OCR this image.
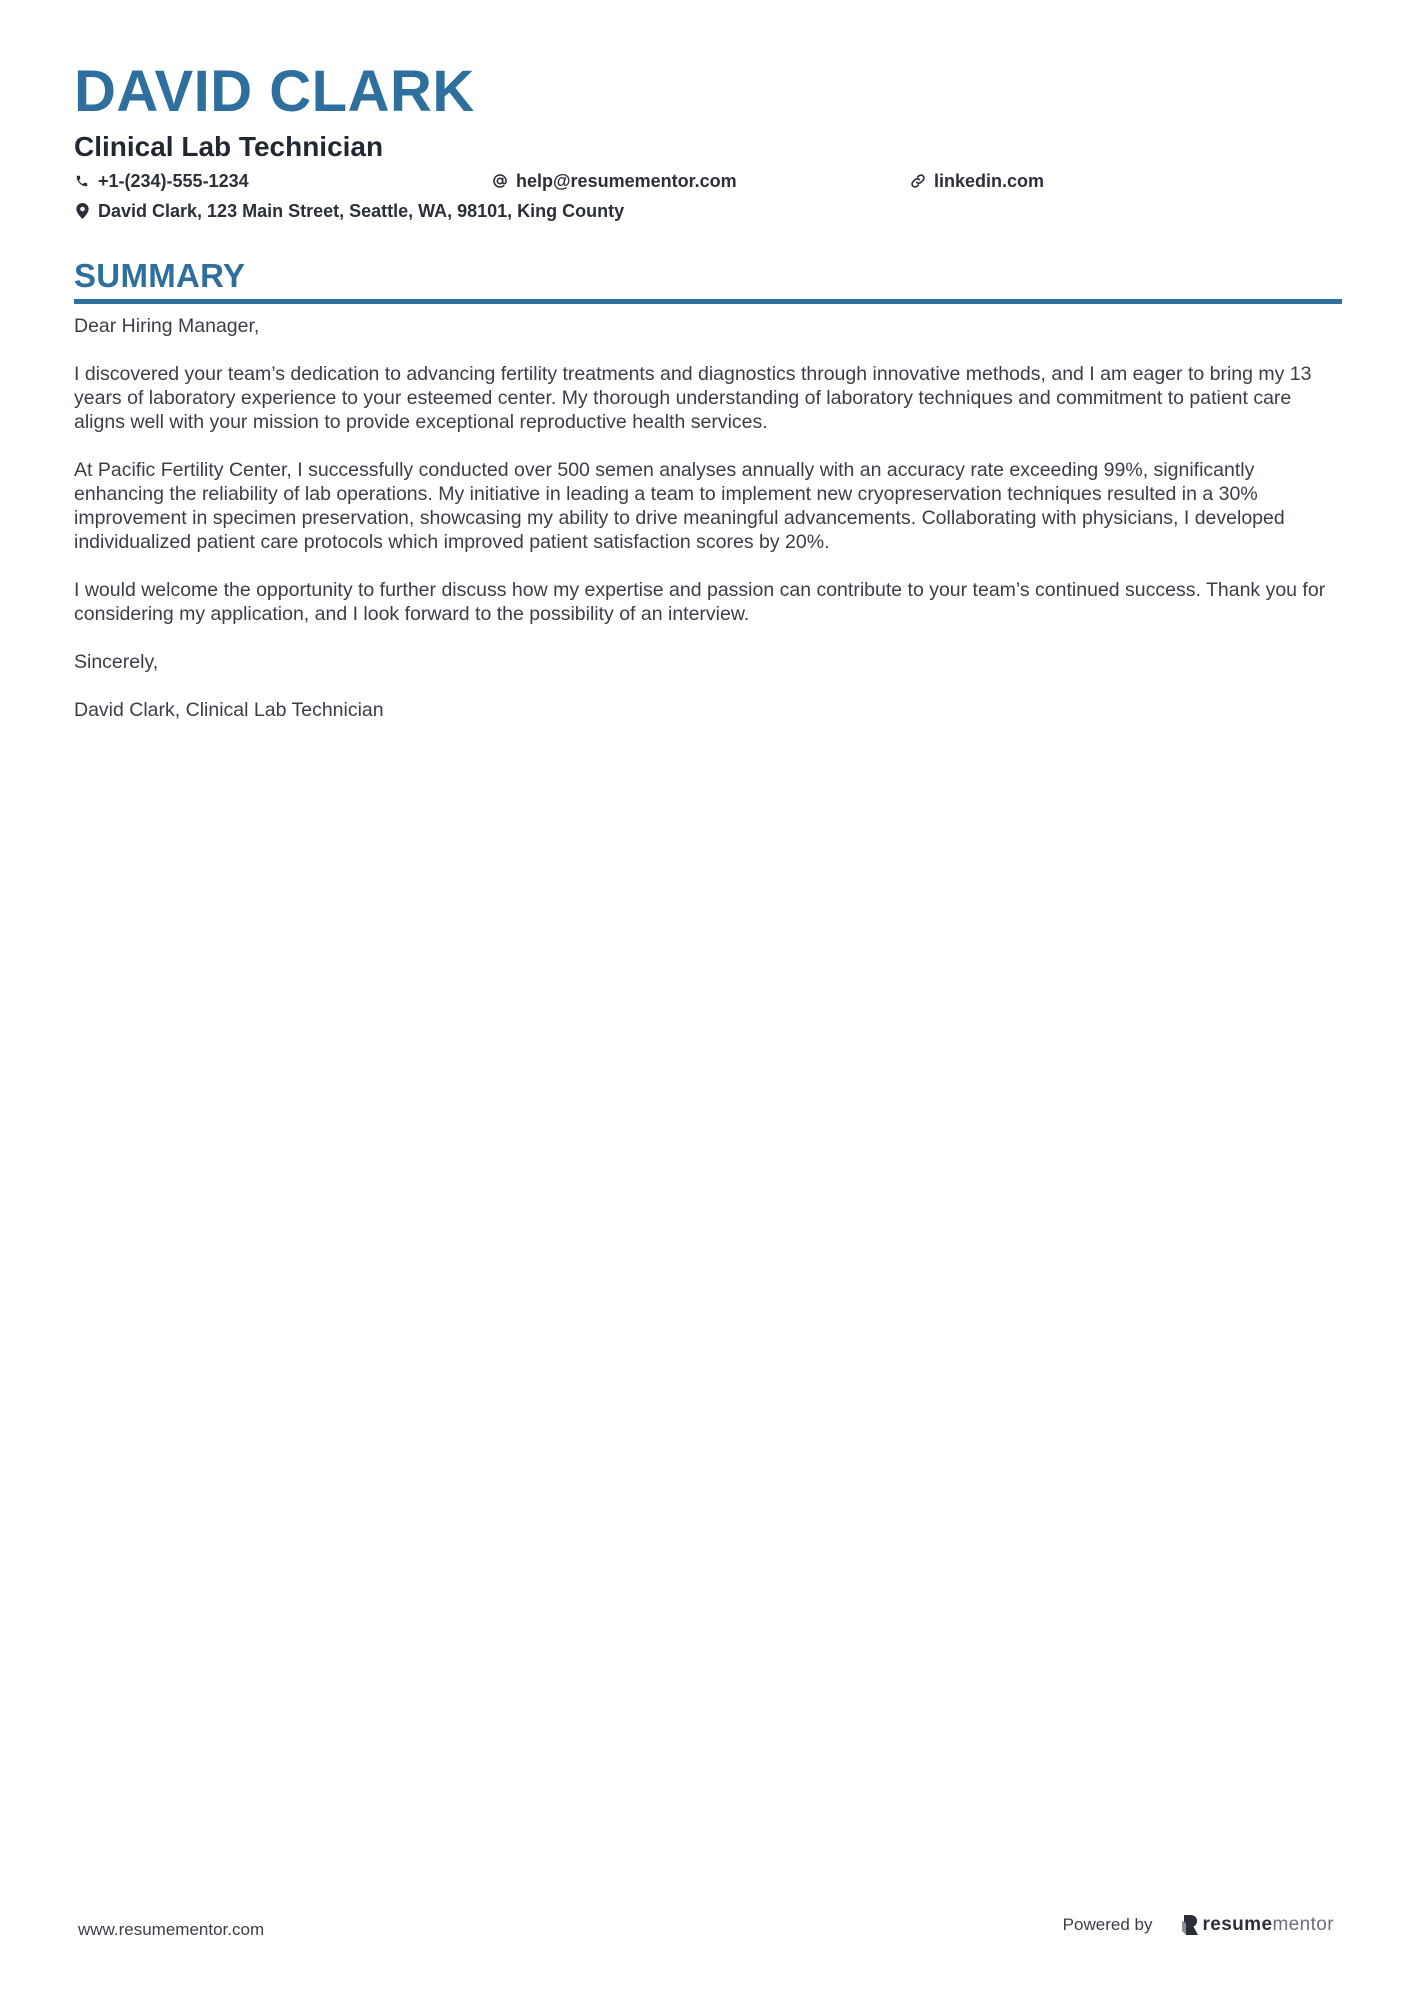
DAVID CLARK
Clinical Lab Technician
+1-(234)-555-1234	help@resumementor.com	linkedin.com
David Clark, 123 Main Street, Seattle, WA, 98101, King County
SUMMARY

Dear Hiring Manager,

I discovered your team’s dedication to advancing fertility treatments and diagnostics through innovative methods, and I am eager to bring my 13 years of laboratory experience to your esteemed center. My thorough understanding of laboratory techniques and commitment to patient care aligns well with your mission to provide exceptional reproductive health services.

At Pacific Fertility Center, I successfully conducted over 500 semen analyses annually with an accuracy rate exceeding 99%, significantly enhancing the reliability of lab operations. My initiative in leading a team to implement new cryopreservation techniques resulted in a 30% improvement in specimen preservation, showcasing my ability to drive meaningful advancements. Collaborating with physicians, I developed individualized patient care protocols which improved patient satisfaction scores by 20%.

I would welcome the opportunity to further discuss how my expertise and passion can contribute to your team’s continued success. Thank you for considering my application, and I look forward to the possibility of an interview.

Sincerely,

David Clark, Clinical Lab Technician

www.resumementor.com	Powered by	resume mentor
